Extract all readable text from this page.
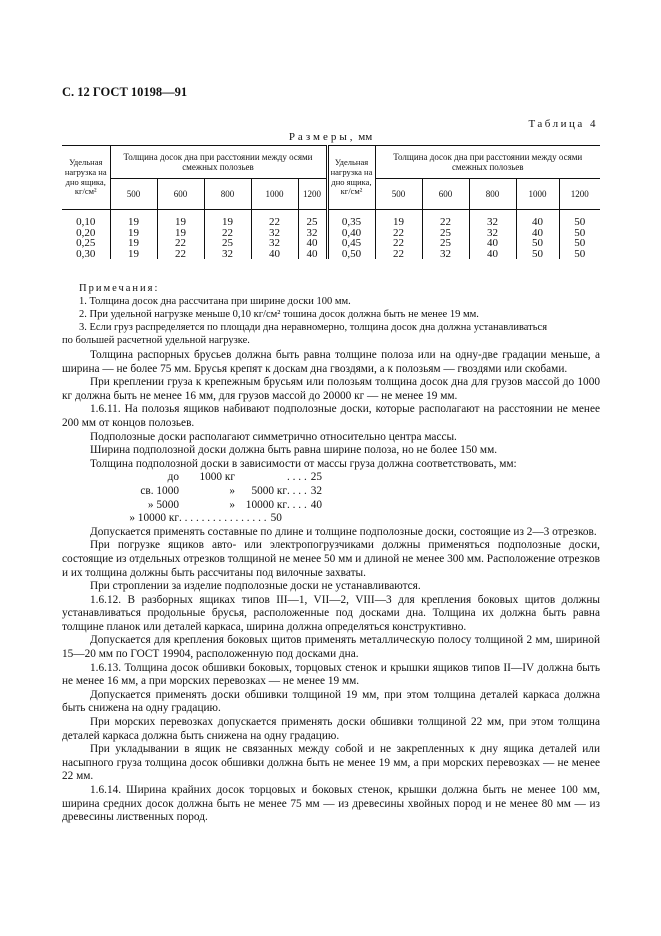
С. 12 ГОСТ 10198—91
Таблица 4
Размеры, мм
Удельная нагрузка на дно ящика, кг/см²	Толщина досок дна при расстоянии между осями смежных полозьев					Удельная нагрузка на дно ящика, кг/см²	Толщина досок дна при расстоянии между осями смежных полозьев				
	500	600	800	1000	1200		500	600	800	1000	1200
0,10	19	19	19	22	25	0,35	19	22	32	40	50
0,20	19	19	22	32	32	0,40	22	25	32	40	50
0,25	19	22	25	32	40	0,45	22	25	40	50	50
0,30	19	22	32	40	40	0,50	22	32	40	50	50
Примечания:
1. Толщина досок дна рассчитана при ширине доски 100 мм.
2. При удельной нагрузке меньше 0,10 кг/см² тошина досок должна быть не менее 19 мм.
3. Если груз распределяется по площади дна неравномерно, толщина досок дна должна устанавливаться
по большей расчетной удельной нагрузке.

Толщина распорных брусьев должна быть равна толщине полоза или на одну-две градации меньше, а ширина — не более 75 мм. Брусья крепят к доскам дна гвоздями, а к полозьям — гвоздями или скобами.

При креплении груза к крепежным брусьям или полозьям толщина досок дна для грузов массой до 1000 кг должна быть не менее 16 мм, для грузов массой до 20000 кг — не менее 19 мм.

1.6.11. На полозья ящиков набивают подполозные доски, которые располагают на расстоянии не менее 200 мм от концов полозьев.

Подполозные доски располагают симметрично относительно центра массы.

Ширина подполозной доски должна быть равна ширине полоза, но не более 150 мм.

Толщина подполозной доски в зависимости от массы груза должна соответствовать, мм:

до	1000 кг	. . . . 25
св. 1000	»	5000 кг . . . . 32
» 5000	» 10000 кг . . . . 40
» 10000 кг . . . . . . . . . . . . . . . . 50

Допускается применять составные по длине и толщине подполозные доски, состоящие из 2—3 отрезков.

При погрузке ящиков авто- или электропогрузчиками должны применяться подполозные доски, состоящие из отдельных отрезков толщиной не менее 50 мм и длиной не менее 300 мм. Расположение отрезков и их толщина должны быть рассчитаны под вилочные захваты.

При строплении за изделие подполозные доски не устанавливаются.

1.6.12. В разборных ящиках типов III—1, VII—2, VIII—3 для крепления боковых щитов должны устанавливаться продольные брусья, расположенные под досками дна. Толщина их должна быть равна толщине планок или деталей каркаса, ширина должна определяться конструктивно.

Допускается для крепления боковых щитов применять металлическую полосу толщиной 2 мм, шириной 15—20 мм по ГОСТ 19904, расположенную под досками дна.

1.6.13. Толщина досок обшивки боковых, торцовых стенок и крышки ящиков типов II—IV должна быть не менее 16 мм, а при морских перевозках — не менее 19 мм.

Допускается применять доски обшивки толщиной 19 мм, при этом толщина деталей каркаса должна быть снижена на одну градацию.

При морских перевозках допускается применять доски обшивки толщиной 22 мм, при этом толщина деталей каркаса должна быть снижена на одну градацию.

При укладывании в ящик не связанных между собой и не закрепленных к дну ящика деталей или насыпного груза толщина досок обшивки должна быть не менее 19 мм, а при морских перевозках — не менее 22 мм.

1.6.14. Ширина крайних досок торцовых и боковых стенок, крышки должна быть не менее 100 мм, ширина средних досок должна быть не менее 75 мм — из древесины хвойных пород и не менее 80 мм — из древесины лиственных пород.
